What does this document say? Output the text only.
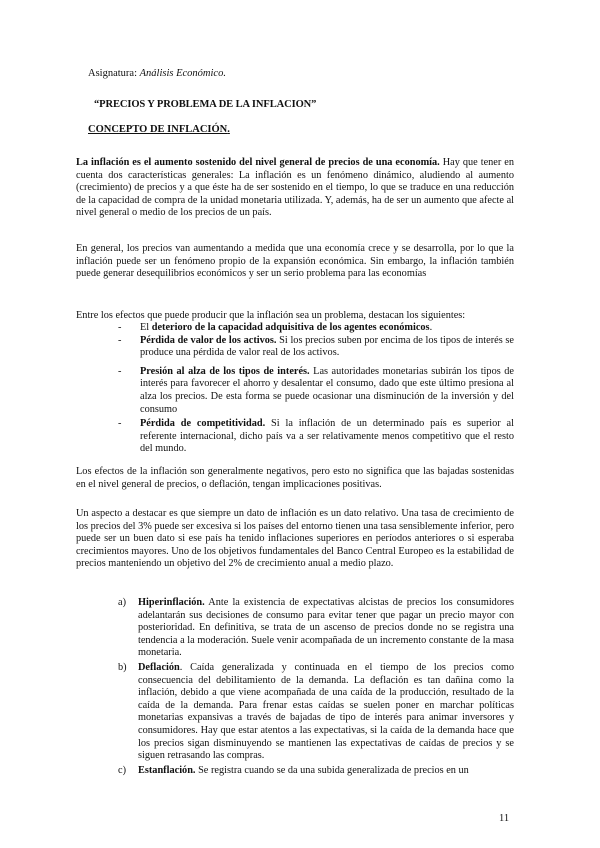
Asignatura: Análisis Económico.
“PRECIOS Y PROBLEMA DE LA INFLACION”
CONCEPTO DE INFLACIÓN.

La inflación es el aumento sostenido del nivel general de precios de una economía. Hay que tener en cuenta dos características generales: La inflación es un fenómeno dinámico, aludiendo al aumento (crecimiento) de precios y a que éste ha de ser sostenido en el tiempo, lo que se traduce en una reducción de la capacidad de compra de la unidad monetaria utilizada. Y, además, ha de ser un aumento que afecte al nivel general o medio de los precios de un país.

En general, los precios van aumentando a medida que una economía crece y se desarrolla, por lo que la inflación puede ser un fenómeno propio de la expansión económica. Sin embargo, la inflación también puede generar desequilibrios económicos y ser un serio problema para las economías

Entre los efectos que puede producir que la inflación sea un problema, destacan los siguientes:

- El deterioro de la capacidad adquisitiva de los agentes económicos.
- Pérdida de valor de los activos. Si los precios suben por encima de los tipos de interés se produce una pérdida de valor real de los activos.
- Presión al alza de los tipos de interés. Las autoridades monetarias subirán los tipos de interés para favorecer el ahorro y desalentar el consumo, dado que este último presiona al alza los precios. De esta forma se puede ocasionar una disminución de la inversión y del consumo
- Pérdida de competitividad. Si la inflación de un determinado país es superior al referente internacional, dicho país va a ser relativamente menos competitivo que el resto del mundo.

Los efectos de la inflación son generalmente negativos, pero esto no significa que las bajadas sostenidas en el nivel general de precios, o deflación, tengan implicaciones positivas.

Un aspecto a destacar es que siempre un dato de inflación es un dato relativo. Una tasa de crecimiento de los precios del 3% puede ser excesiva si los países del entorno tienen una tasa sensiblemente inferior, pero puede ser un buen dato si ese país ha tenido inflaciones superiores en períodos anteriores o si esperaba crecimientos mayores. Uno de los objetivos fundamentales del Banco Central Europeo es la estabilidad de precios manteniendo un objetivo del 2% de crecimiento anual a medio plazo.

a) Hiperinflación. Ante la existencia de expectativas alcistas de precios los consumidores adelantarán sus decisiones de consumo para evitar tener que pagar un precio mayor con posterioridad. En definitiva, se trata de un ascenso de precios donde no se registra una tendencia a la moderación. Suele venir acompañada de un incremento constante de la masa monetaria.
b) Deflación. Caída generalizada y continuada en el tiempo de los precios como consecuencia del debilitamiento de la demanda. La deflación es tan dañina como la inflación, debido a que viene acompañada de una caída de la producción, resultado de la caída de la demanda. Para frenar estas caídas se suelen poner en marchar políticas monetarias expansivas a través de bajadas de tipo de interés para animar inversores y consumidores. Hay que estar atentos a las expectativas, si la caída de la demanda hace que los precios sigan disminuyendo se mantienen las expectativas de caídas de precios y se siguen retrasando las compras.
c) Estanflación. Se registra cuando se da una subida generalizada de precios en un
11
